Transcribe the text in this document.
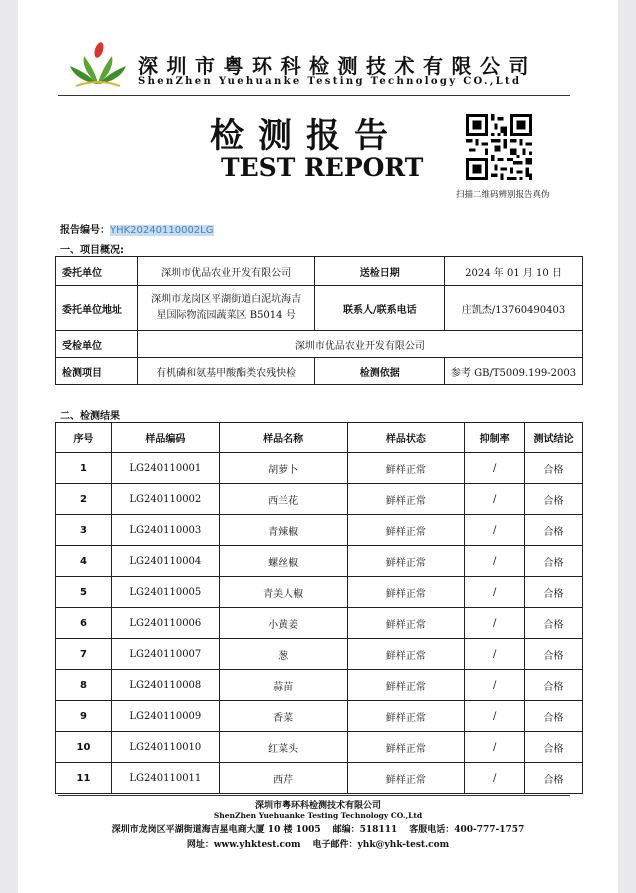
深圳市粤环科检测技术有限公司
ShenZhen Yuehuanke Testing Technology CO.,Ltd
检测报告
TEST REPORT
扫描二维码辨别报告真伪
报告编号：YHK20240110002LG
一、项目概况:
委托单位	深圳市优品农业开发有限公司	送检日期	2024 年 01 月 10 日
委托单位地址	深圳市龙岗区平湖街道白泥坑海吉
星国际物流园蔬菜区 B5014 号	联系人/联系电话	庄凯杰/13760490403
受检单位	深圳市优品农业开发有限公司		
检测项目	有机磷和氨基甲酸酯类农残快检	检测依据	参考 GB/T5009.199-2003
二、检测结果
序号	样品编码	样品名称	样品状态	抑制率	测试结论
1	LG240110001	胡萝卜	鲜样正常	/	合格
2	LG240110002	西兰花	鲜样正常	/	合格
3	LG240110003	青辣椒	鲜样正常	/	合格
4	LG240110004	螺丝椒	鲜样正常	/	合格
5	LG240110005	青美人椒	鲜样正常	/	合格
6	LG240110006	小黄姜	鲜样正常	/	合格
7	LG240110007	葱	鲜样正常	/	合格
8	LG240110008	蒜苗	鲜样正常	/	合格
9	LG240110009	香菜	鲜样正常	/	合格
10	LG240110010	红菜头	鲜样正常	/	合格
11	LG240110011	西芹	鲜样正常	/	合格
深圳市粤环科检测技术有限公司
ShenZhen Yuehuanke Testing Technology CO.,Ltd
深圳市龙岗区平湖街道海吉星电商大厦 10 楼 1005 邮编：518111 客服电话：400-777-1757
网址：www.yhktest.com 电子邮件：yhk@yhk-test.com
